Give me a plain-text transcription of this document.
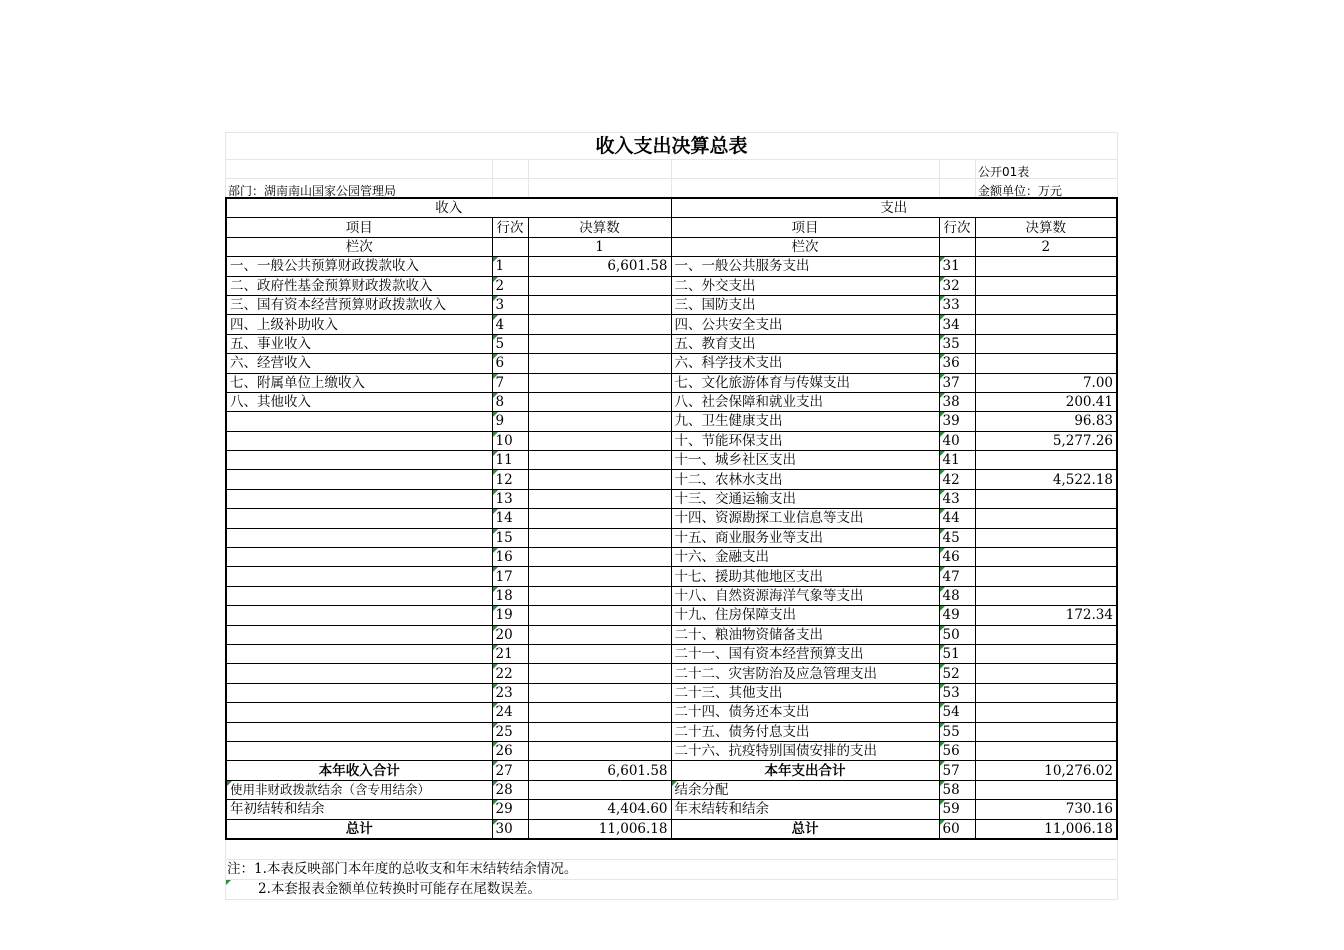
收入支出决算总表
公开01表
部门：湖南南山国家公园管理局	金额单位：万元
收入			支出		
项目	行次	决算数	项目	行次	决算数
栏次		1	栏次		2
一、一般公共预算财政拨款收入	1	6,601.58	一、一般公共服务支出	31	
二、政府性基金预算财政拨款收入	2		二、外交支出	32	
三、国有资本经营预算财政拨款收入	3		三、国防支出	33	
四、上级补助收入	4		四、公共安全支出	34	
五、事业收入	5		五、教育支出	35	
六、经营收入	6		六、科学技术支出	36	
七、附属单位上缴收入	7		七、文化旅游体育与传媒支出	37	7.00
八、其他收入	8		八、社会保障和就业支出	38	200.41
	9		九、卫生健康支出	39	96.83
	10		十、节能环保支出	40	5,277.26
	11		十一、城乡社区支出	41	
	12		十二、农林水支出	42	4,522.18
	13		十三、交通运输支出	43	
	14		十四、资源勘探工业信息等支出	44	
	15		十五、商业服务业等支出	45	
	16		十六、金融支出	46	
	17		十七、援助其他地区支出	47	
	18		十八、自然资源海洋气象等支出	48	
	19		十九、住房保障支出	49	172.34
	20		二十、粮油物资储备支出	50	
	21		二十一、国有资本经营预算支出	51	
	22		二十二、灾害防治及应急管理支出	52	
	23		二十三、其他支出	53	
	24		二十四、债务还本支出	54	
	25		二十五、债务付息支出	55	
	26		二十六、抗疫特别国债安排的支出	56	
本年收入合计	27	6,601.58	本年支出合计	57	10,276.02
使用非财政拨款结余（含专用结余）	28		结余分配	58	
年初结转和结余	29	4,404.60	年末结转和结余	59	730.16
总计	30	11,006.18	总计	60	11,006.18
注：1.本表反映部门本年度的总收支和年末结转结余情况。
2.本套报表金额单位转换时可能存在尾数误差。
